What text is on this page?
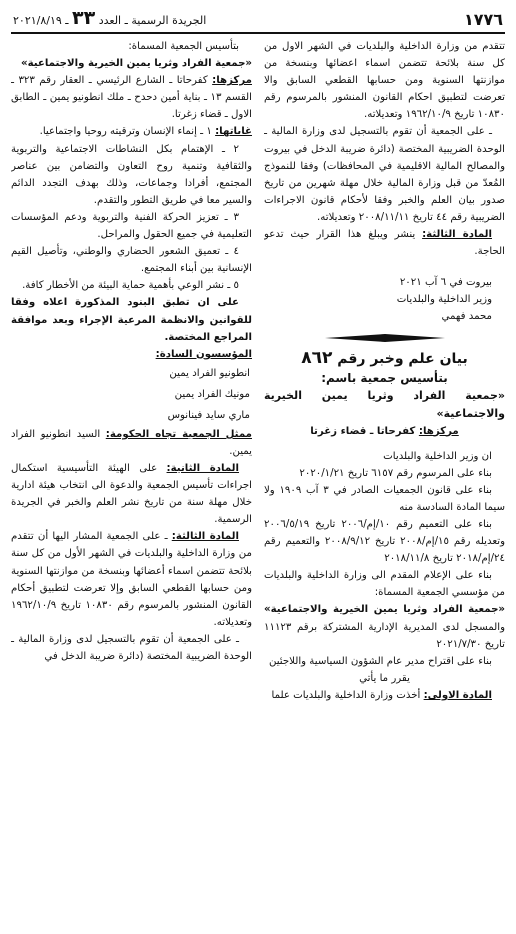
١٧٧٦
الجريدة الرسمية ـ العدد ٣٣ ـ ٢٠٢١/٨/١٩

تتقدم من وزارة الداخلية والبلديات في الشهر الاول من كل سنة بلائحة تتضمن اسماء اعضائها وبنسخة من موازنتها السنوية ومن حسابها القطعي السابق والا تعرضت لتطبيق احكام القانون المنشور بالمرسوم رقم ١٠٨٣٠ تاريخ ١٩٦٢/١٠/٩ وتعديلاته.

ـ على الجمعية أن تقوم بالتسجيل لدى وزارة المالية ـ الوحدة الضريبية المختصة (دائرة ضريبة الدخل في بيروت والمصالح المالية الاقليمية في المحافظات) وفقا للنموذج المُعدّ من قبل وزارة المالية خلال مهلة شهرين من تاريخ صدور بيان العلم والخبر وفقا لأحكام قانون الاجراءات الضريبية رقم ٤٤ تاريخ ٢٠٠٨/١١/١١ وتعديلاته.

المادة الثالثة: ينشر ويبلغ هذا القرار حيث تدعو الحاجة.

بيروت في ٦ آب ٢٠٢١

وزير الداخلية والبلديات

محمد فهمي

بيان علم وخبر رقم ٨٦٢

بتأسيس جمعية باسم:

«جمعية الفراد وثريا يمين الخيرية والاجتماعية»

مركزها: كفرحاتا ـ قضاء زغرتا

ان وزير الداخلية والبلديات

بناء على المرسوم رقم ٦١٥٧ تاريخ ٢٠٢٠/١/٢١

بناء على قانون الجمعيات الصادر في ٣ آب ١٩٠٩ ولا سيما المادة السادسة منه

بناء على التعميم رقم ١٠/إم/٢٠٠٦ تاريخ ٢٠٠٦/٥/١٩ وتعديله رقم ١٥/إم/٢٠٠٨ تاريخ ٢٠٠٨/٩/١٢ والتعميم رقم ٢٤/إم/٢٠١٨ تاريخ ٢٠١٨/١١/٨

بناء على الإعلام المقدم الى وزارة الداخلية والبلديات من مؤسسي الجمعية المسماة:

«جمعية الفراد وثريا يمين الخيرية والاجتماعية» والمسجل لدى المديرية الإدارية المشتركة برقم ١١١٢٣ تاريخ ٢٠٢١/٧/٣٠

بناء على اقتراح مدير عام الشؤون السياسية واللاجئين

يقرر ما يأتي

المادة الاولى: أخذت وزارة الداخلية والبلديات علما

بتأسيس الجمعية المسماة:

«جمعية الفراد وثريا يمين الخيرية والاجتماعية»

مركزها: كفرحاتا ـ الشارع الرئيسي ـ العقار رقم ٣٢٣ ـ القسم ١٣ ـ بناية أمين دحدح ـ ملك انطونيو يمين ـ الطابق الاول ـ قضاء زغرتا.

غاياتها: ١ ـ إنماء الإنسان وترقيته روحيا واجتماعيا.

٢ ـ الإهتمام بكل النشاطات الاجتماعية والتربوية والثقافية وتنمية روح التعاون والتضامن بين عناصر المجتمع، أفرادا وجماعات، وذلك بهدف التجدد الدائم والسير معا في طريق التطور والتقدم.

٣ ـ تعزيز الحركة الفنية والتربوية ودعم المؤسسات التعليمية في جميع الحقول والمراحل.

٤ ـ تعميق الشعور الحضاري والوطني، وتأصيل القيم الإنسانية بين أبناء المجتمع.

٥ ـ نشر الوعي بأهمية حماية البيئة من الأخطار كافة.

على ان تطبق البنود المذكورة اعلاه وفقا للقوانين والانظمة المرعية الإجراء وبعد موافقة المراجع المختصة.

المؤسسون السادة:

انطونيو الفراد يمين

مونيك الفراد يمين

ماري سايد فينانوس

ممثل الجمعية تجاه الحكومة: السيد انطونيو الفراد يمين.

المادة الثانية: على الهيئة التأسيسية استكمال اجراءات تأسيس الجمعية والدعوة الى انتخاب هيئة ادارية خلال مهلة سنة من تاريخ نشر العلم والخبر في الجريدة الرسمية.

المادة الثالثة: ـ على الجمعية المشار اليها أن تتقدم من وزارة الداخلية والبلديات في الشهر الأول من كل سنة بلائحة تتضمن اسماء أعضائها وبنسخة من موازنتها السنوية ومن حسابها القطعي السابق وإلا تعرضت لتطبيق أحكام القانون المنشور بالمرسوم رقم ١٠٨٣٠ تاريخ ١٩٦٢/١٠/٩ وتعديلاته.

ـ على الجمعية أن تقوم بالتسجيل لدى وزارة المالية ـ الوحدة الضريبية المختصة (دائرة ضريبة الدخل في
